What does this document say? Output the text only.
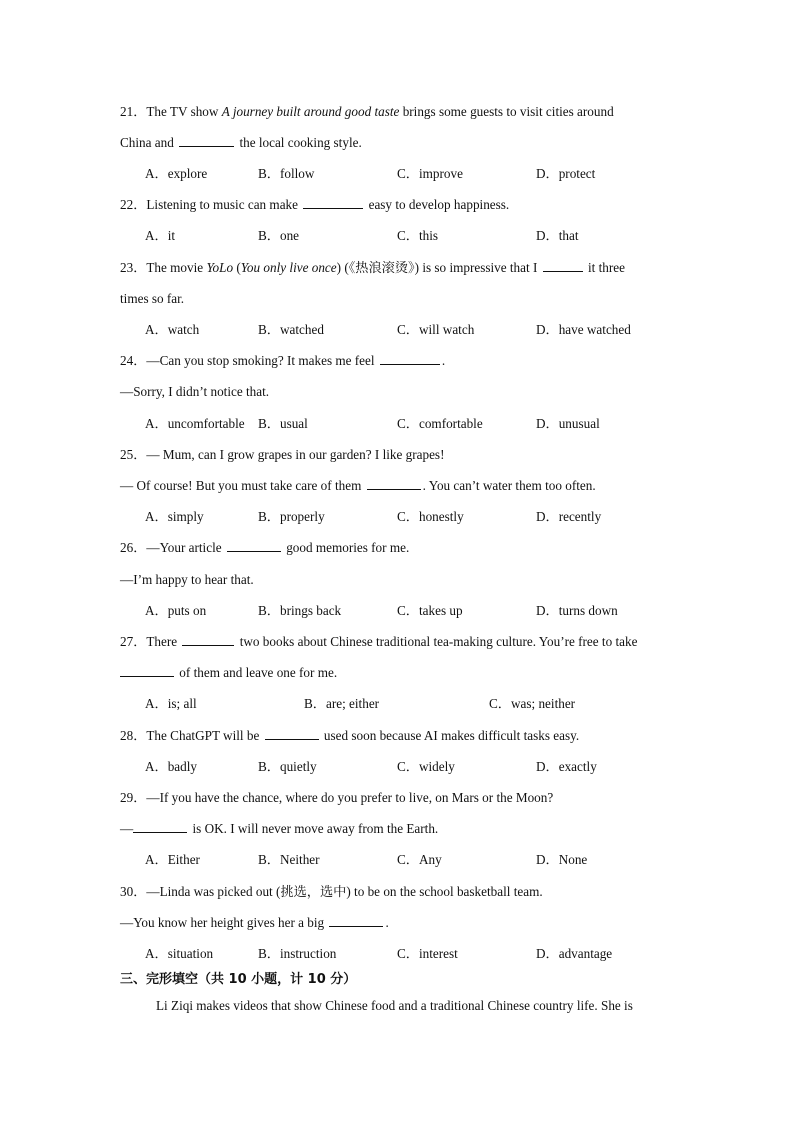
21．The TV show A journey built around good taste brings some guests to visit cities around
China and	the local cooking style.
A．explore	B．follow	C．improve	D．protect
22．Listening to music can make	easy to develop happiness.
A．it	B．one	C．this	D．that
23．The movie YoLo (You only live once) (《热浪滚烫》) is so impressive that I	it three
times so far.
A．watch	B．watched	C．will watch	D．have watched
24．—Can you stop smoking? It makes me feel	.
—Sorry, I didn’t notice that.
A．uncomfortable B．usual	C．comfortable	D．unusual
25．— Mum, can I grow grapes in our garden? I like grapes!
— Of course! But you must take care of them	. You can’t water them too often.
A．simply	B．properly	C．honestly	D．recently
26．—Your article	good memories for me.
—I’m happy to hear that.
A．puts on	B．brings back	C．takes up	D．turns down
27．There	two books about Chinese traditional tea-making culture. You’re free to take
of them and leave one for me.
A．is; all	B．are; either	C．was; neither
28．The ChatGPT will be	used soon because AI makes difficult tasks easy.
A．badly	B．quietly	C．widely	D．exactly
29．—If you have the chance, where do you prefer to live, on Mars or the Moon?
—	is OK. I will never move away from the Earth.
A．Either	B．Neither	C．Any	D．None
30．—Linda was picked out (挑选，选中) to be on the school basketball team.
—You know her height gives her a big	.
A．situation	B．instruction	C．interest	D．advantage
三、完形填空（共 10 小题，计 10 分）
Li Ziqi makes videos that show Chinese food and a traditional Chinese country life. She is
